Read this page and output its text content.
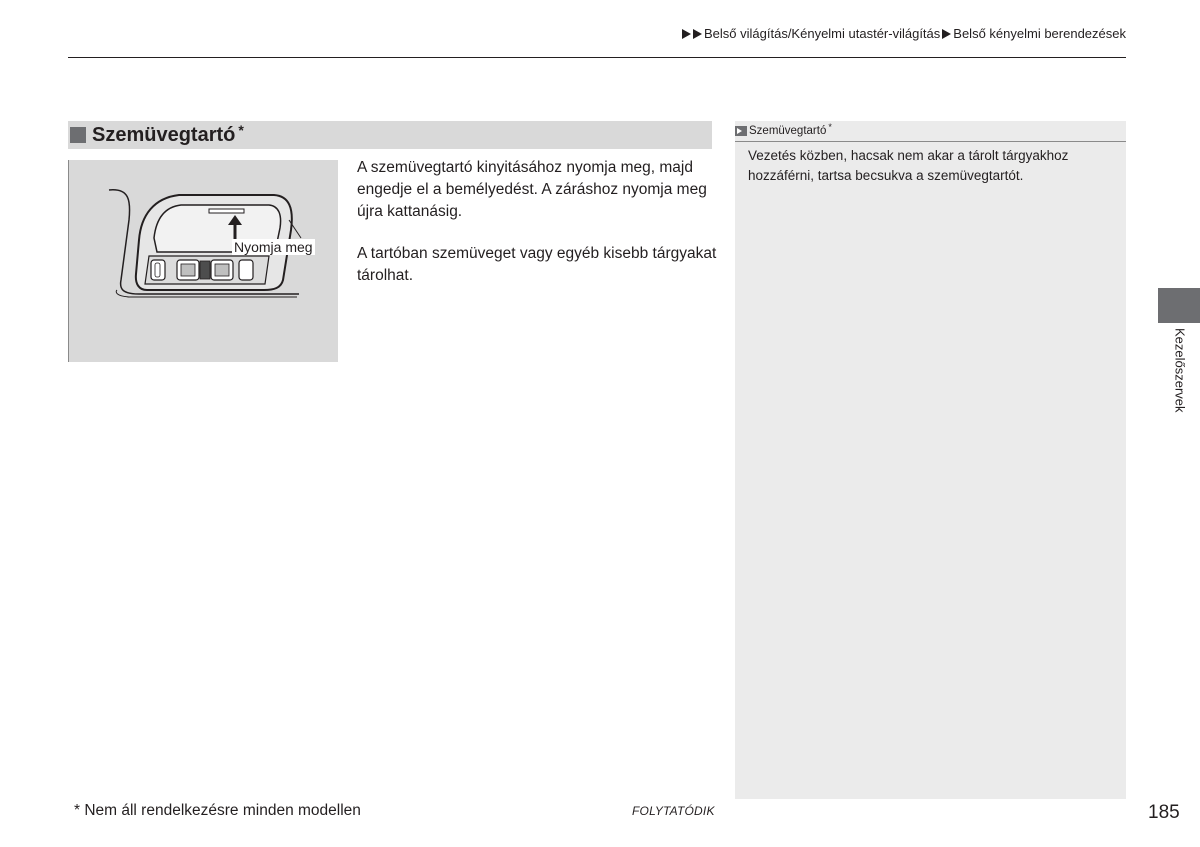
Belső világítás/Kényelmi utastér-világítás Belső kényelmi berendezések
Szemüvegtartó *
Nyomja meg

A szemüvegtartó kinyitásához nyomja meg, majd engedje el a bemélyedést. A záráshoz nyomja meg újra kattanásig.

A tartóban szemüveget vagy egyéb kisebb tárgyakat tárolhat.

Szemüvegtartó *
Vezetés közben, hacsak nem akar a tárolt tárgyakhoz hozzáférni, tartsa becsukva a szemüvegtartót.
Kezelőszervek
* Nem áll rendelkezésre minden modellen	FOLYTATÓDIK	185
